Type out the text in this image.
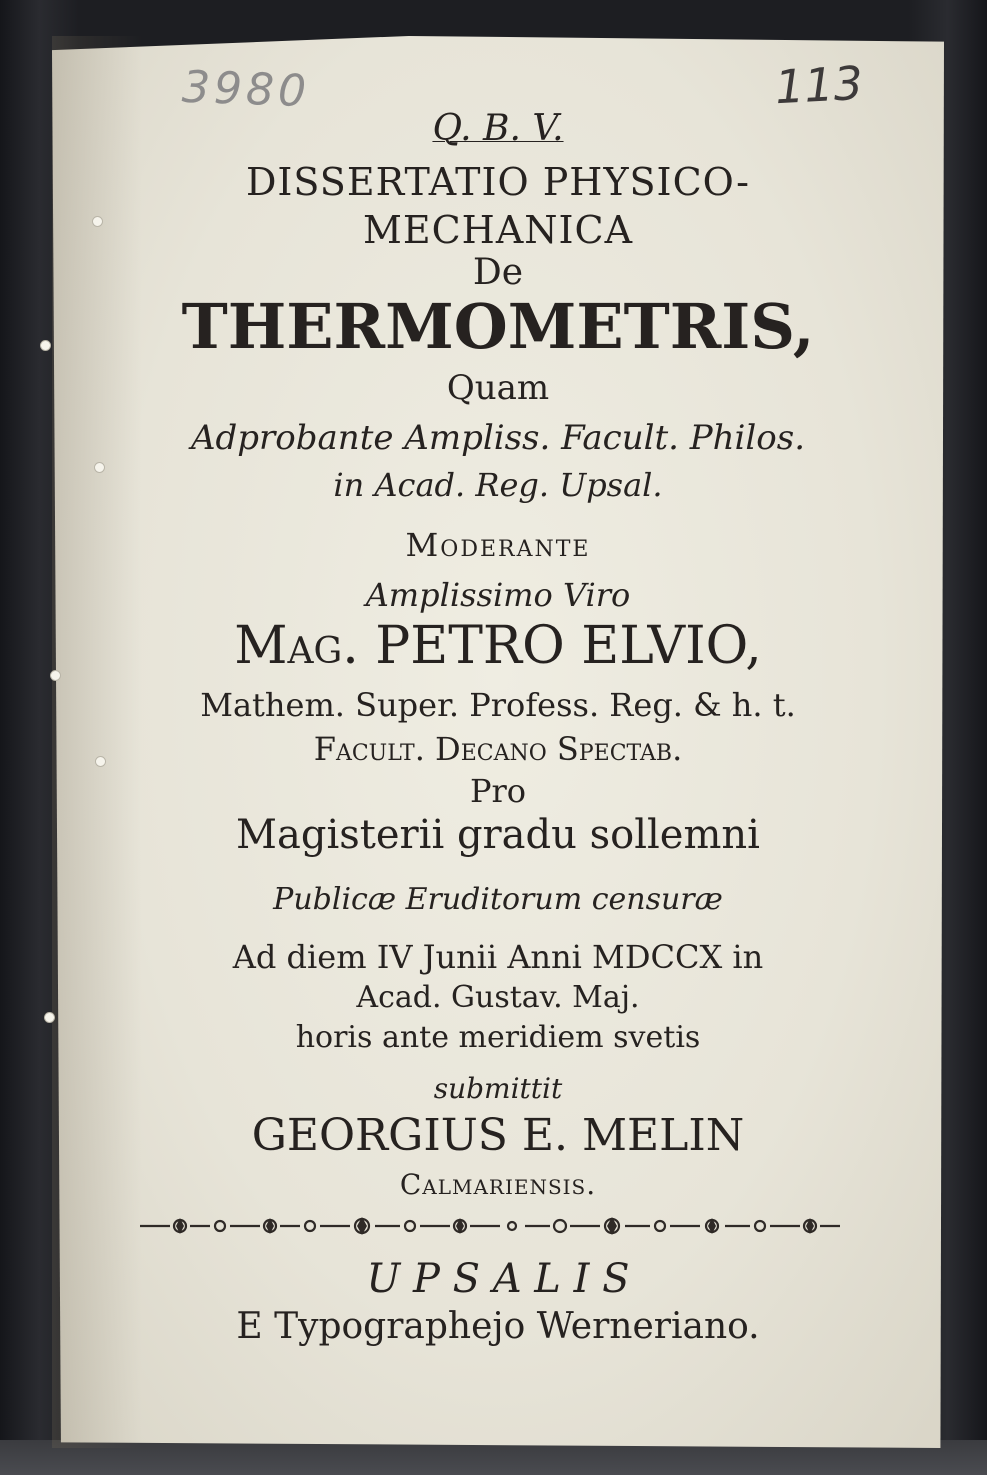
3980	113
Q. B. V.
DISSERTATIO PHYSICO-
MECHANICA
De
THERMOMETRIS,
Quam
Adprobante Ampliss. Facult. Philos.
in Acad. Reg. Upsal.
Moderante
Amplissimo Viro
Mag. PETRO ELVIO,
Mathem. Super. Profess. Reg. & h. t.
Facult. Decano Spectab.
Pro
Magisterii gradu sollemni
Publicæ Eruditorum censuræ
Ad diem IV Junii Anni MDCCX in
Acad. Gustav. Maj.
horis ante meridiem svetis
submittit
GEORGIUS E. MELIN
Calmariensis.
U P S A L I S
E Typographejo Werneriano.
